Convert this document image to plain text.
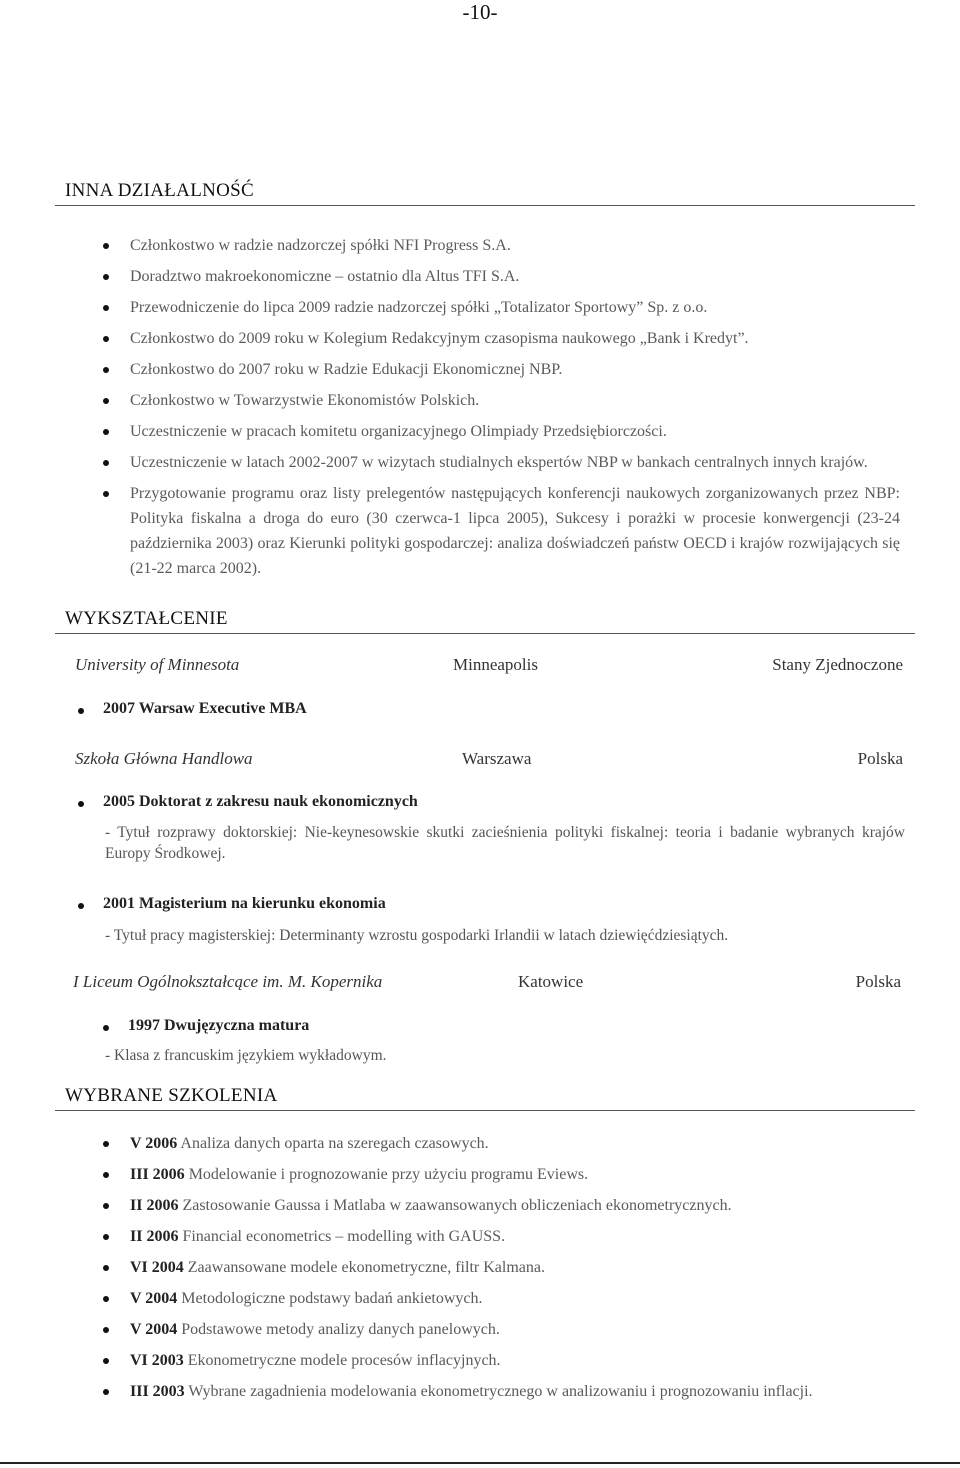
-10-
INNA DZIAŁALNOŚĆ
Członkostwo w radzie nadzorczej spółki NFI Progress S.A.
Doradztwo makroekonomiczne – ostatnio dla Altus TFI S.A.
Przewodniczenie do lipca 2009 radzie nadzorczej spółki „Totalizator Sportowy” Sp. z o.o.
Członkostwo do 2009 roku w Kolegium Redakcyjnym czasopisma naukowego „Bank i Kredyt”.
Członkostwo do 2007 roku w Radzie Edukacji Ekonomicznej NBP.
Członkostwo w Towarzystwie Ekonomistów Polskich.
Uczestniczenie w pracach komitetu organizacyjnego Olimpiady Przedsiębiorczości.
Uczestniczenie w latach 2002-2007 w wizytach studialnych ekspertów NBP w bankach centralnych innych krajów.
Przygotowanie programu oraz listy prelegentów następujących konferencji naukowych zorganizowanych przez NBP: Polityka fiskalna a droga do euro (30 czerwca-1 lipca 2005), Sukcesy i porażki w procesie konwergencji (23-24 października 2003) oraz Kierunki polityki gospodarczej: analiza doświadczeń państw OECD i krajów rozwijających się (21-22 marca 2002).
WYKSZTAŁCENIE
University of Minnesota	Minneapolis	Stany Zjednoczone
2007 Warsaw Executive MBA
Szkoła Główna Handlowa	Warszawa	Polska
2005 Doktorat z zakresu nauk ekonomicznych
- Tytuł rozprawy doktorskiej: Nie-keynesowskie skutki zacieśnienia polityki fiskalnej: teoria i badanie wybranych krajów Europy Środkowej.
2001 Magisterium na kierunku ekonomia
- Tytuł pracy magisterskiej: Determinanty wzrostu gospodarki Irlandii w latach dziewięćdziesiątych.
I Liceum Ogólnokształcące im. M. Kopernika	Katowice	Polska
1997 Dwujęzyczna matura
- Klasa z francuskim językiem wykładowym.
WYBRANE SZKOLENIA
V 2006 Analiza danych oparta na szeregach czasowych.
III 2006 Modelowanie i prognozowanie przy użyciu programu Eviews.
II 2006 Zastosowanie Gaussa i Matlaba w zaawansowanych obliczeniach ekonometrycznych.
II 2006 Financial econometrics – modelling with GAUSS.
VI 2004 Zaawansowane modele ekonometryczne, filtr Kalmana.
V 2004 Metodologiczne podstawy badań ankietowych.
V 2004 Podstawowe metody analizy danych panelowych.
VI 2003 Ekonometryczne modele procesów inflacyjnych.
III 2003 Wybrane zagadnienia modelowania ekonometrycznego w analizowaniu i prognozowaniu inflacji.
